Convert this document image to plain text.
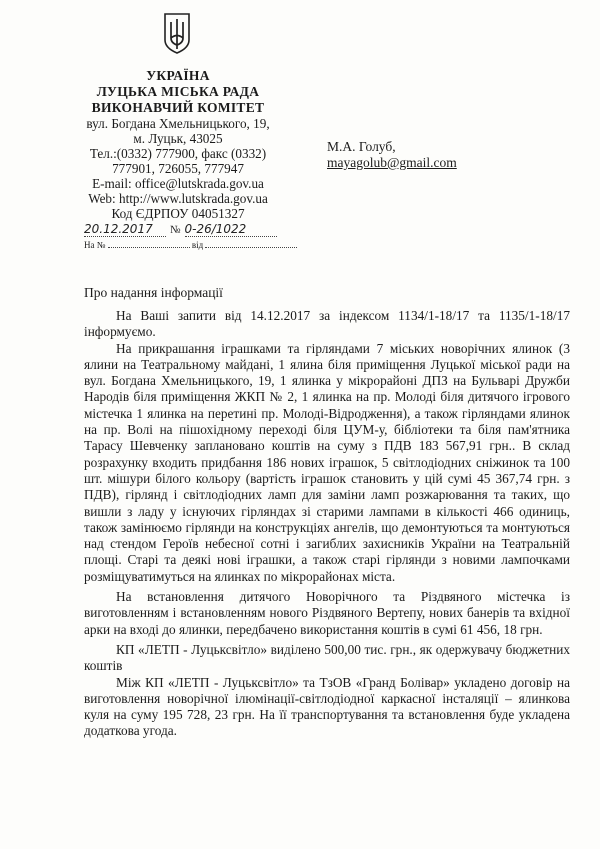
УКРАЇНА
ЛУЦЬКА МІСЬКА РАДА
ВИКОНАВЧИЙ КОМІТЕТ
вул. Богдана Хмельницького, 19,
м. Луцьк, 43025
Тел.:(0332) 777900, факс (0332)
777901, 726055, 777947
E-mail: office@lutskrada.gov.ua
Web: http://www.lutskrada.gov.ua
Код ЄДРПОУ 04051327
20.12.2017 № 0-26/1022
На №	від
М.А. Голуб,
mayagolub@gmail.com
Про надання інформації

На Ваші запити від 14.12.2017 за індексом 1134/1-18/17 та 1135/1-18/17 інформуємо.

На прикрашання іграшками та гірляндами 7 міських новорічних ялинок (3 ялини на Театральному майдані, 1 ялина біля приміщення Луцької міської ради на вул. Богдана Хмельницького, 19, 1 ялинка у мікрорайоні ДПЗ на Бульварі Дружби Народів біля приміщення ЖКП № 2, 1 ялинка на пр. Молоді біля дитячого ігрового містечка 1 ялинка на перетині пр. Молоді-Відродження), а також гірляндами ялинок на пр. Волі на пішохідному переході біля ЦУМ-у, бібліотеки та біля пам'ятника Тарасу Шевченку заплановано коштів на суму з ПДВ 183 567,91 грн.. В склад розрахунку входить придбання 186 нових іграшок, 5 світлодіодних сніжинок та 100 шт. мішури білого кольору (вартість іграшок становить у цій сумі 45 367,74 грн. з ПДВ), гірлянд і світлодіодних ламп для заміни ламп розжарювання та таких, що вишли з ладу у існуючих гірляндах зі старими лампами в кількості 466 одиниць, також замінюємо гірлянди на конструкціях ангелів, що демонтуються та монтуються над стендом Героїв небесної сотні і загиблих захисників України на Театральній площі. Старі та деякі нові іграшки, а також старі гірлянди з новими лампочками розміщуватимуться на ялинках по мікрорайонах міста.

На встановлення дитячого Новорічного та Різдвяного містечка із виготовленням і встановленням нового Різдвяного Вертепу, нових банерів та вхідної арки на вході до ялинки, передбачено використання коштів в сумі 61 456, 18 грн.

КП «ЛЕТП - Луцьксвітло» виділено 500,00 тис. грн., як одержувачу бюджетних коштів

Між КП «ЛЕТП - Луцьксвітло» та ТзОВ «Гранд Болівар» укладено договір на виготовлення новорічної ілюмінації-світлодіодної каркасної інсталяції – ялинкова куля на суму 195 728, 23 грн. На її транспортування та встановлення буде укладена додаткова угода.
